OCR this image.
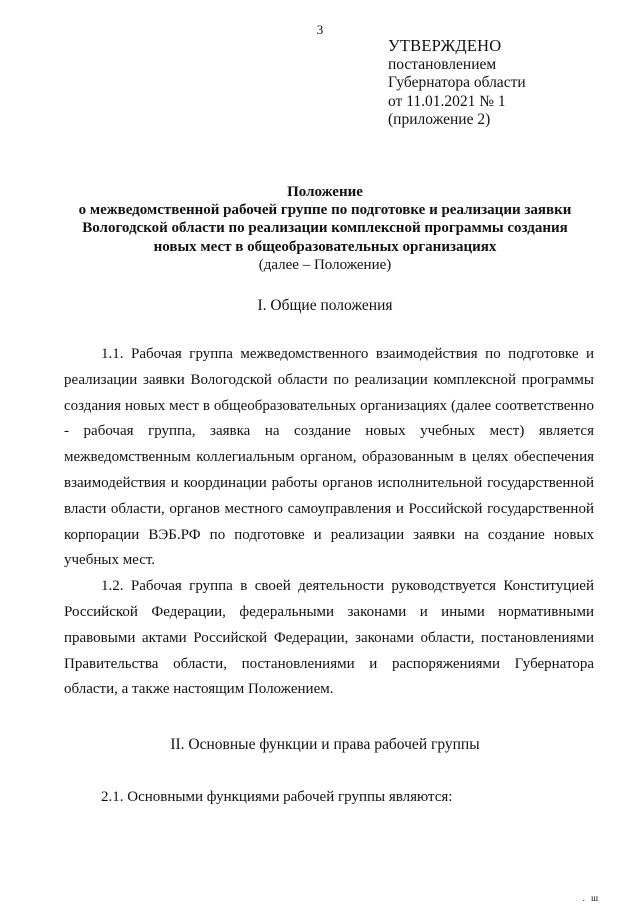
3
УТВЕРЖДЕНО
постановлением
Губернатора области
от 11.01.2021 № 1
(приложение 2)
Положение
о межведомственной рабочей группе по подготовке и реализации заявки
Вологодской области по реализации комплексной программы создания
новых мест в общеобразовательных организациях
(далее – Положение)
I. Общие положения

1.1. Рабочая группа межведомственного взаимодействия по подготовке и реализации заявки Вологодской области по реализации комплексной программы создания новых мест в общеобразовательных организациях (далее соответственно - рабочая группа, заявка на создание новых учебных мест) является межведомственным коллегиальным органом, образованным в целях обеспечения взаимодействия и координации работы органов исполнительной государственной власти области, органов местного самоуправления и Российской государственной корпорации ВЭБ.РФ по подготовке и реализации заявки на создание новых учебных мест.

1.2. Рабочая группа в своей деятельности руководствуется Конституцией Российской Федерации, федеральными законами и иными нормативными правовыми актами Российской Федерации, законами области, постановлениями Правительства области, постановлениями и распоряжениями Губернатора области, а также настоящим Положением.

II. Основные функции и права рабочей группы

2.1. Основными функциями рабочей группы являются:

. ш
